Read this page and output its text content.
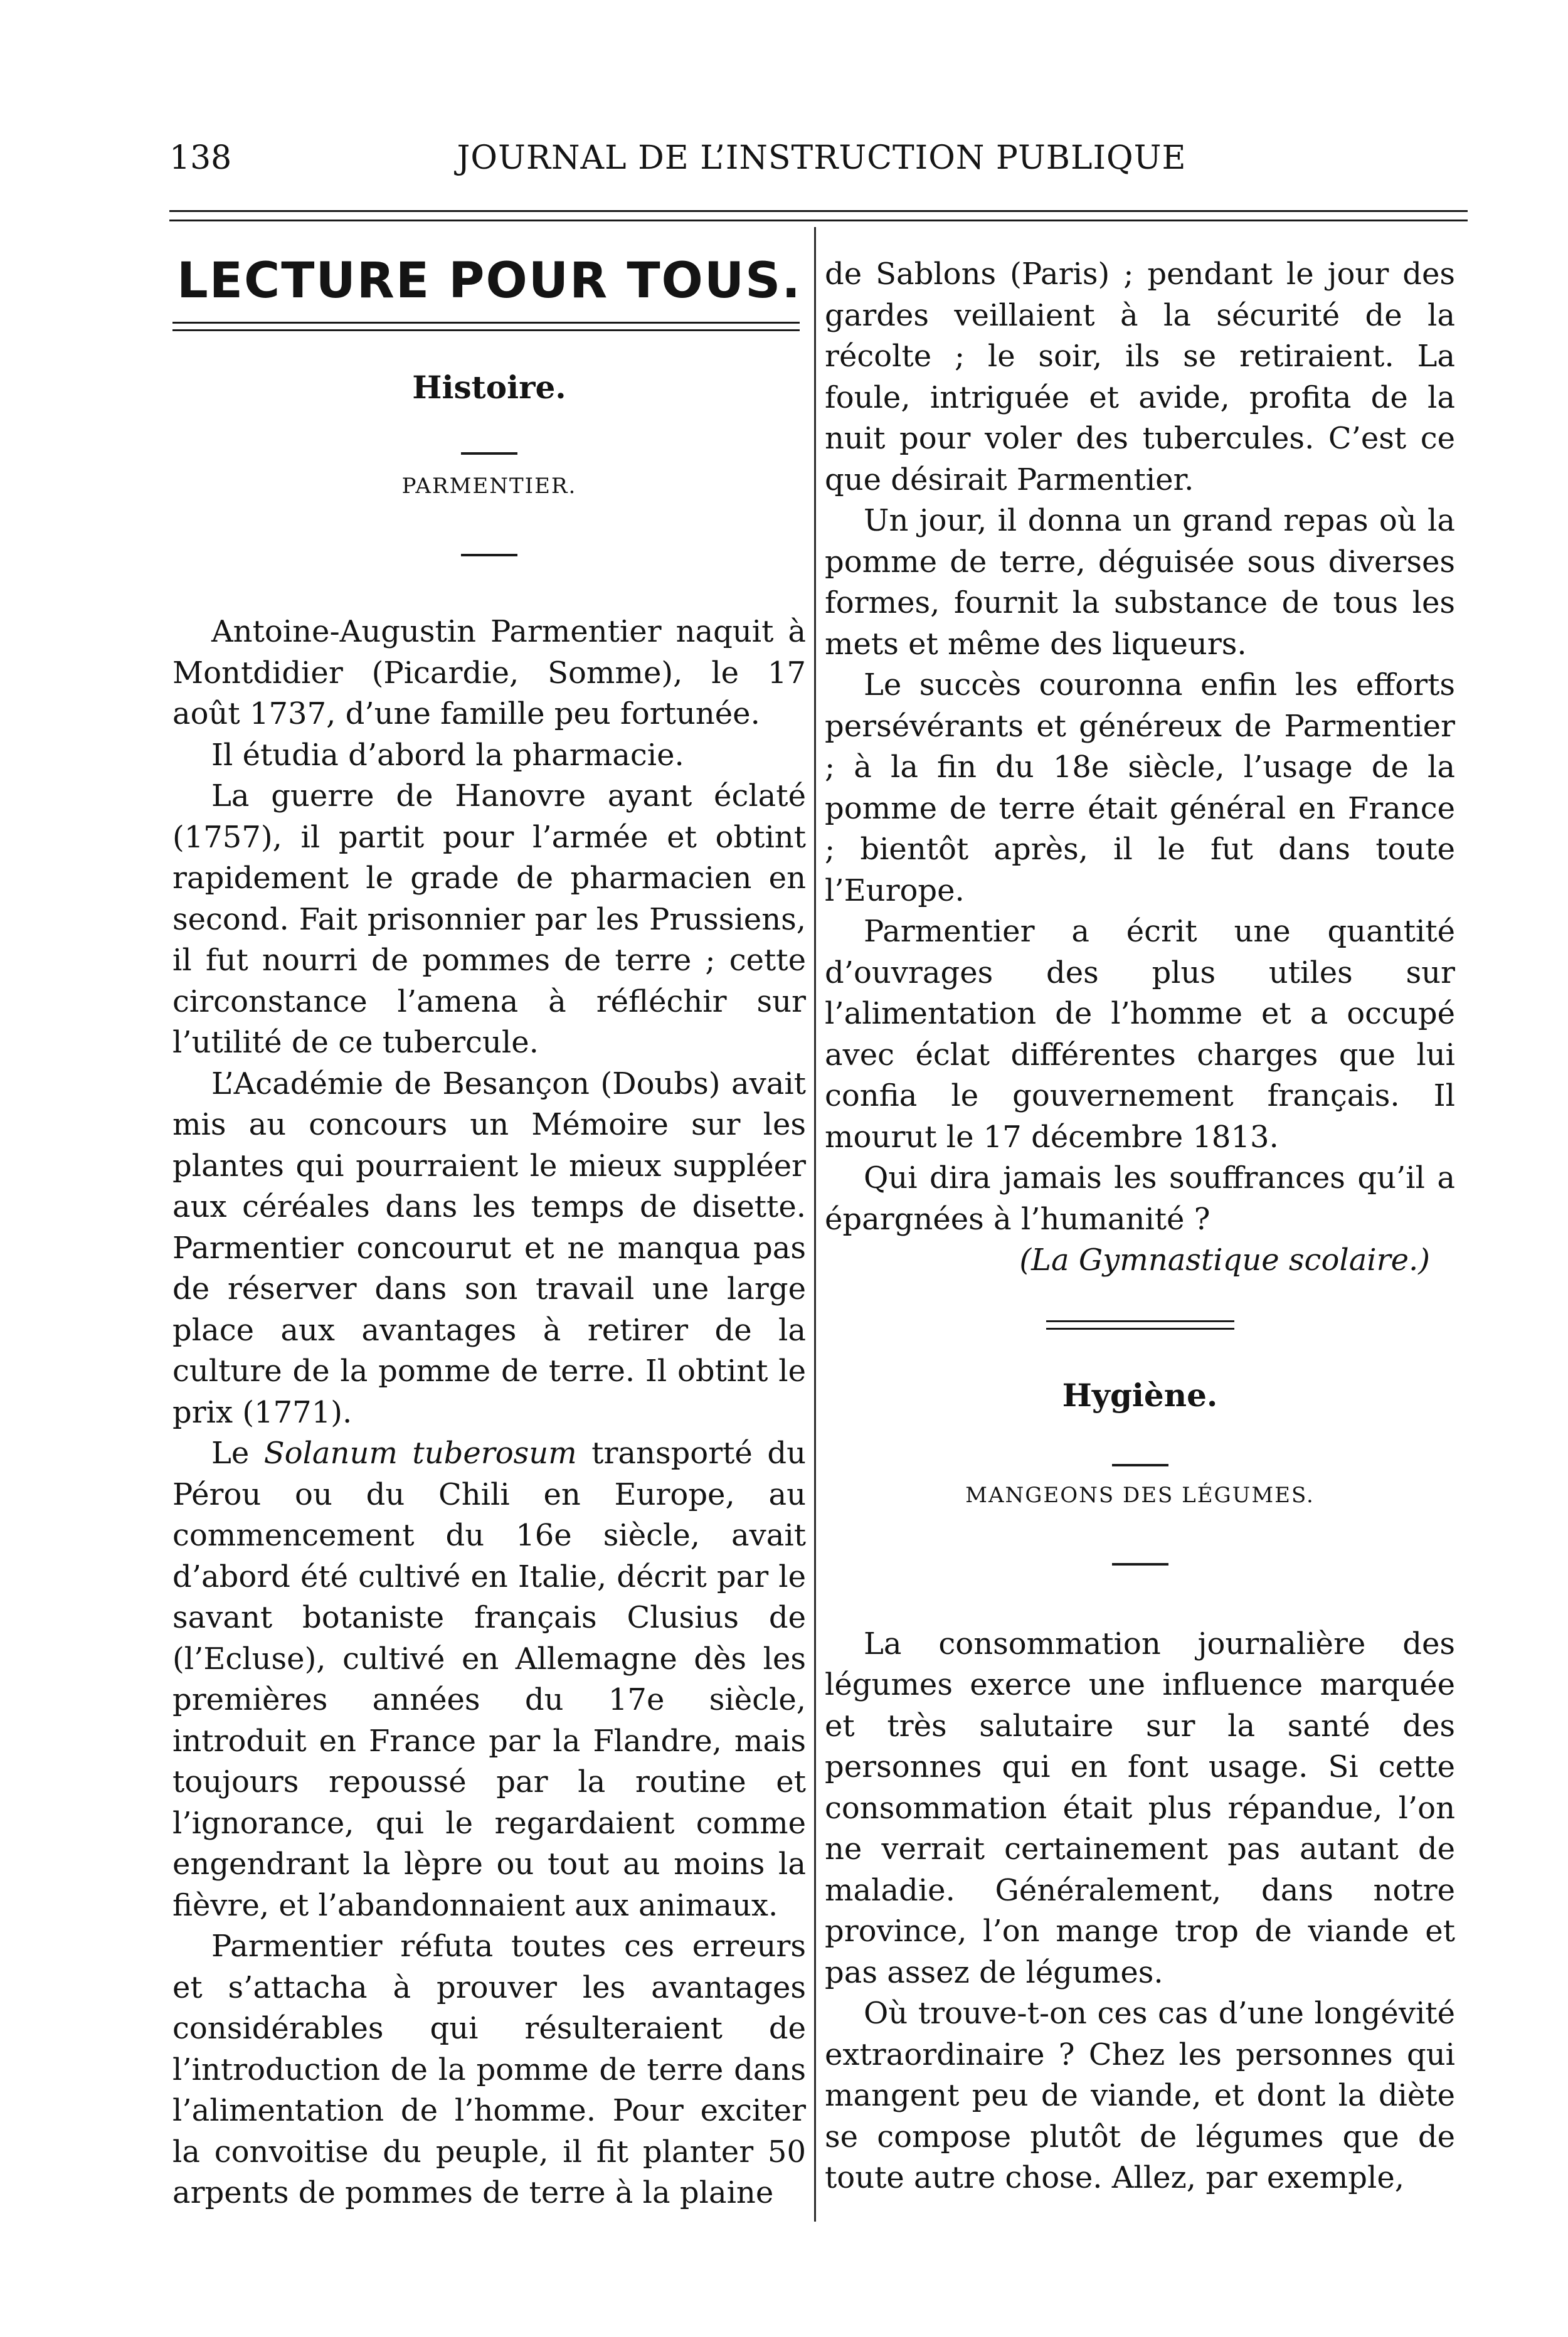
138	JOURNAL DE L’INSTRUCTION PUBLIQUE
LECTURE POUR TOUS.

Histoire.

PARMENTIER.

Antoine-Augustin Parmentier naquit à Montdidier (Picardie, Somme), le 17 août 1737, d’une famille peu fortunée.

Il étudia d’abord la pharmacie.

La guerre de Hanovre ayant éclaté (1757), il partit pour l’armée et obtint rapidement le grade de pharmacien en second. Fait prisonnier par les Prussiens, il fut nourri de pommes de terre ; cette circonstance l’amena à réfléchir sur l’utilité de ce tubercule.

L’Académie de Besançon (Doubs) avait mis au concours un Mémoire sur les plantes qui pourraient le mieux suppléer aux céréales dans les temps de disette. Parmentier concourut et ne manqua pas de réserver dans son travail une large place aux avantages à retirer de la culture de la pomme de terre. Il obtint le prix (1771).

Le Solanum tuberosum transporté du Pérou ou du Chili en Europe, au commencement du 16e siècle, avait d’abord été cultivé en Italie, décrit par le savant botaniste français Clusius de (l’Ecluse), cultivé en Allemagne dès les premières années du 17e siècle, introduit en France par la Flandre, mais toujours repoussé par la routine et l’ignorance, qui le regardaient comme engendrant la lèpre ou tout au moins la fièvre, et l’abandonnaient aux animaux.

Parmentier réfuta toutes ces erreurs et s’attacha à prouver les avantages considérables qui résulteraient de l’introduction de la pomme de terre dans l’alimentation de l’homme. Pour exciter la convoitise du peuple, il fit planter 50 arpents de pommes de terre à la plaine

de Sablons (Paris) ; pendant le jour des gardes veillaient à la sécurité de la récolte ; le soir, ils se retiraient. La foule, intriguée et avide, profita de la nuit pour voler des tubercules. C’est ce que désirait Parmentier.

Un jour, il donna un grand repas où la pomme de terre, déguisée sous diverses formes, fournit la substance de tous les mets et même des liqueurs.

Le succès couronna enfin les efforts persévérants et généreux de Parmentier ; à la fin du 18e siècle, l’usage de la pomme de terre était général en France ; bientôt après, il le fut dans toute l’Europe.

Parmentier a écrit une quantité d’ouvrages des plus utiles sur l’alimentation de l’homme et a occupé avec éclat différentes charges que lui confia le gouvernement français. Il mourut le 17 décembre 1813.

Qui dira jamais les souffrances qu’il a épargnées à l’humanité ?

(La Gymnastique scolaire.)

Hygiène.

MANGEONS DES LÉGUMES.

La consommation journalière des légumes exerce une influence marquée et très salutaire sur la santé des personnes qui en font usage. Si cette consommation était plus répandue, l’on ne verrait certainement pas autant de maladie. Généralement, dans notre province, l’on mange trop de viande et pas assez de légumes.

Où trouve-t-on ces cas d’une longévité extraordinaire ? Chez les personnes qui mangent peu de viande, et dont la diète se compose plutôt de légumes que de toute autre chose. Allez, par exemple,
